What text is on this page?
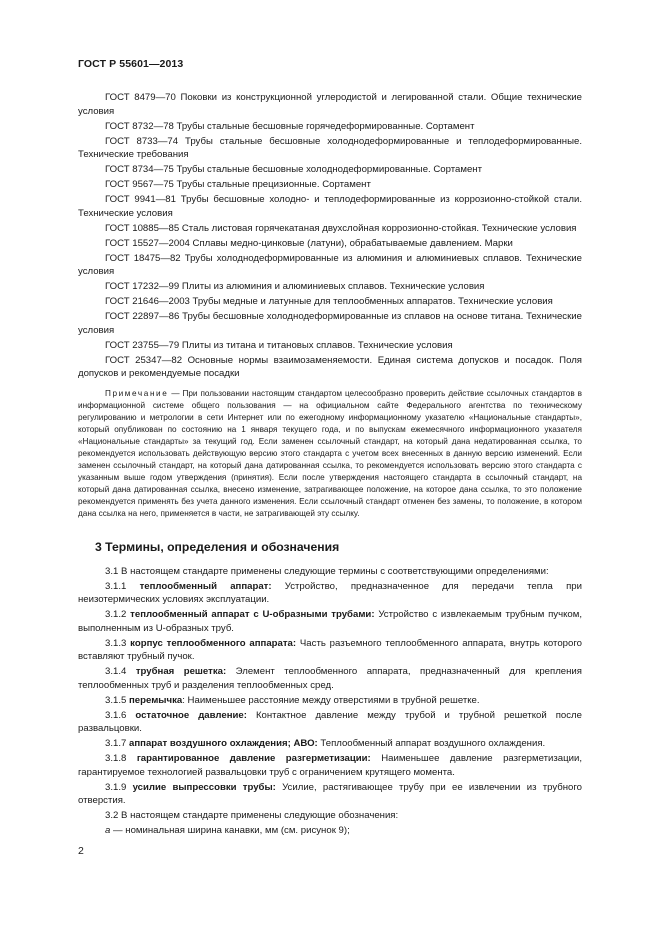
ГОСТ Р 55601—2013
ГОСТ 8479—70 Поковки из конструкционной углеродистой и легированной стали. Общие технические условия
ГОСТ 8732—78 Трубы стальные бесшовные горячедеформированные. Сортамент
ГОСТ 8733—74 Трубы стальные бесшовные холоднодеформированные и теплодеформированные. Технические требования
ГОСТ 8734—75 Трубы стальные бесшовные холоднодеформированные. Сортамент
ГОСТ 9567—75 Трубы стальные прецизионные. Сортамент
ГОСТ 9941—81 Трубы бесшовные холодно- и теплодеформированные из коррозионно-стойкой стали. Технические условия
ГОСТ 10885—85 Сталь листовая горячекатаная двухслойная коррозионно-стойкая. Технические условия
ГОСТ 15527—2004 Сплавы медно-цинковые (латуни), обрабатываемые давлением. Марки
ГОСТ 18475—82 Трубы холоднодеформированные из алюминия и алюминиевых сплавов. Технические условия
ГОСТ 17232—99 Плиты из алюминия и алюминиевых сплавов. Технические условия
ГОСТ 21646—2003 Трубы медные и латунные для теплообменных аппаратов. Технические условия
ГОСТ 22897—86 Трубы бесшовные холоднодеформированные из сплавов на основе титана. Технические условия
ГОСТ 23755—79 Плиты из титана и титановых сплавов. Технические условия
ГОСТ 25347—82 Основные нормы взаимозаменяемости. Единая система допусков и посадок. Поля допусков и рекомендуемые посадки
Примечание — При пользовании настоящим стандартом целесообразно проверить действие ссылочных стандартов в информационной системе общего пользования — на официальном сайте Федерального агентства по техническому регулированию и метрологии в сети Интернет или по ежегодному информационному указателю «Национальные стандарты», который опубликован по состоянию на 1 января текущего года, и по выпускам ежемесячного информационного указателя «Национальные стандарты» за текущий год. Если заменен ссылочный стандарт, на который дана недатированная ссылка, то рекомендуется использовать действующую версию этого стандарта с учетом всех внесенных в данную версию изменений. Если заменен ссылочный стандарт, на который дана датированная ссылка, то рекомендуется использовать версию этого стандарта с указанным выше годом утверждения (принятия). Если после утверждения настоящего стандарта в ссылочный стандарт, на который дана датированная ссылка, внесено изменение, затрагивающее положение, на которое дана ссылка, то это положение рекомендуется применять без учета данного изменения. Если ссылочный стандарт отменен без замены, то положение, в котором дана ссылка на него, применяется в части, не затрагивающей эту ссылку.
3 Термины, определения и обозначения
3.1 В настоящем стандарте применены следующие термины с соответствующими определениями:
3.1.1 теплообменный аппарат: Устройство, предназначенное для передачи тепла при неизотермических условиях эксплуатации.
3.1.2 теплообменный аппарат с U-образными трубами: Устройство с извлекаемым трубным пучком, выполненным из U-образных труб.
3.1.3 корпус теплообменного аппарата: Часть разъемного теплообменного аппарата, внутрь которого вставляют трубный пучок.
3.1.4 трубная решетка: Элемент теплообменного аппарата, предназначенный для крепления теплообменных труб и разделения теплообменных сред.
3.1.5 перемычка: Наименьшее расстояние между отверстиями в трубной решетке.
3.1.6 остаточное давление: Контактное давление между трубой и трубной решеткой после развальцовки.
3.1.7 аппарат воздушного охлаждения; АВО: Теплообменный аппарат воздушного охлаждения.
3.1.8 гарантированное давление разгерметизации: Наименьшее давление разгерметизации, гарантируемое технологией развальцовки труб с ограничением крутящего момента.
3.1.9 усилие выпрессовки трубы: Усилие, растягивающее трубу при ее извлечении из трубного отверстия.
3.2 В настоящем стандарте применены следующие обозначения:
a — номинальная ширина канавки, мм (см. рисунок 9);
2
